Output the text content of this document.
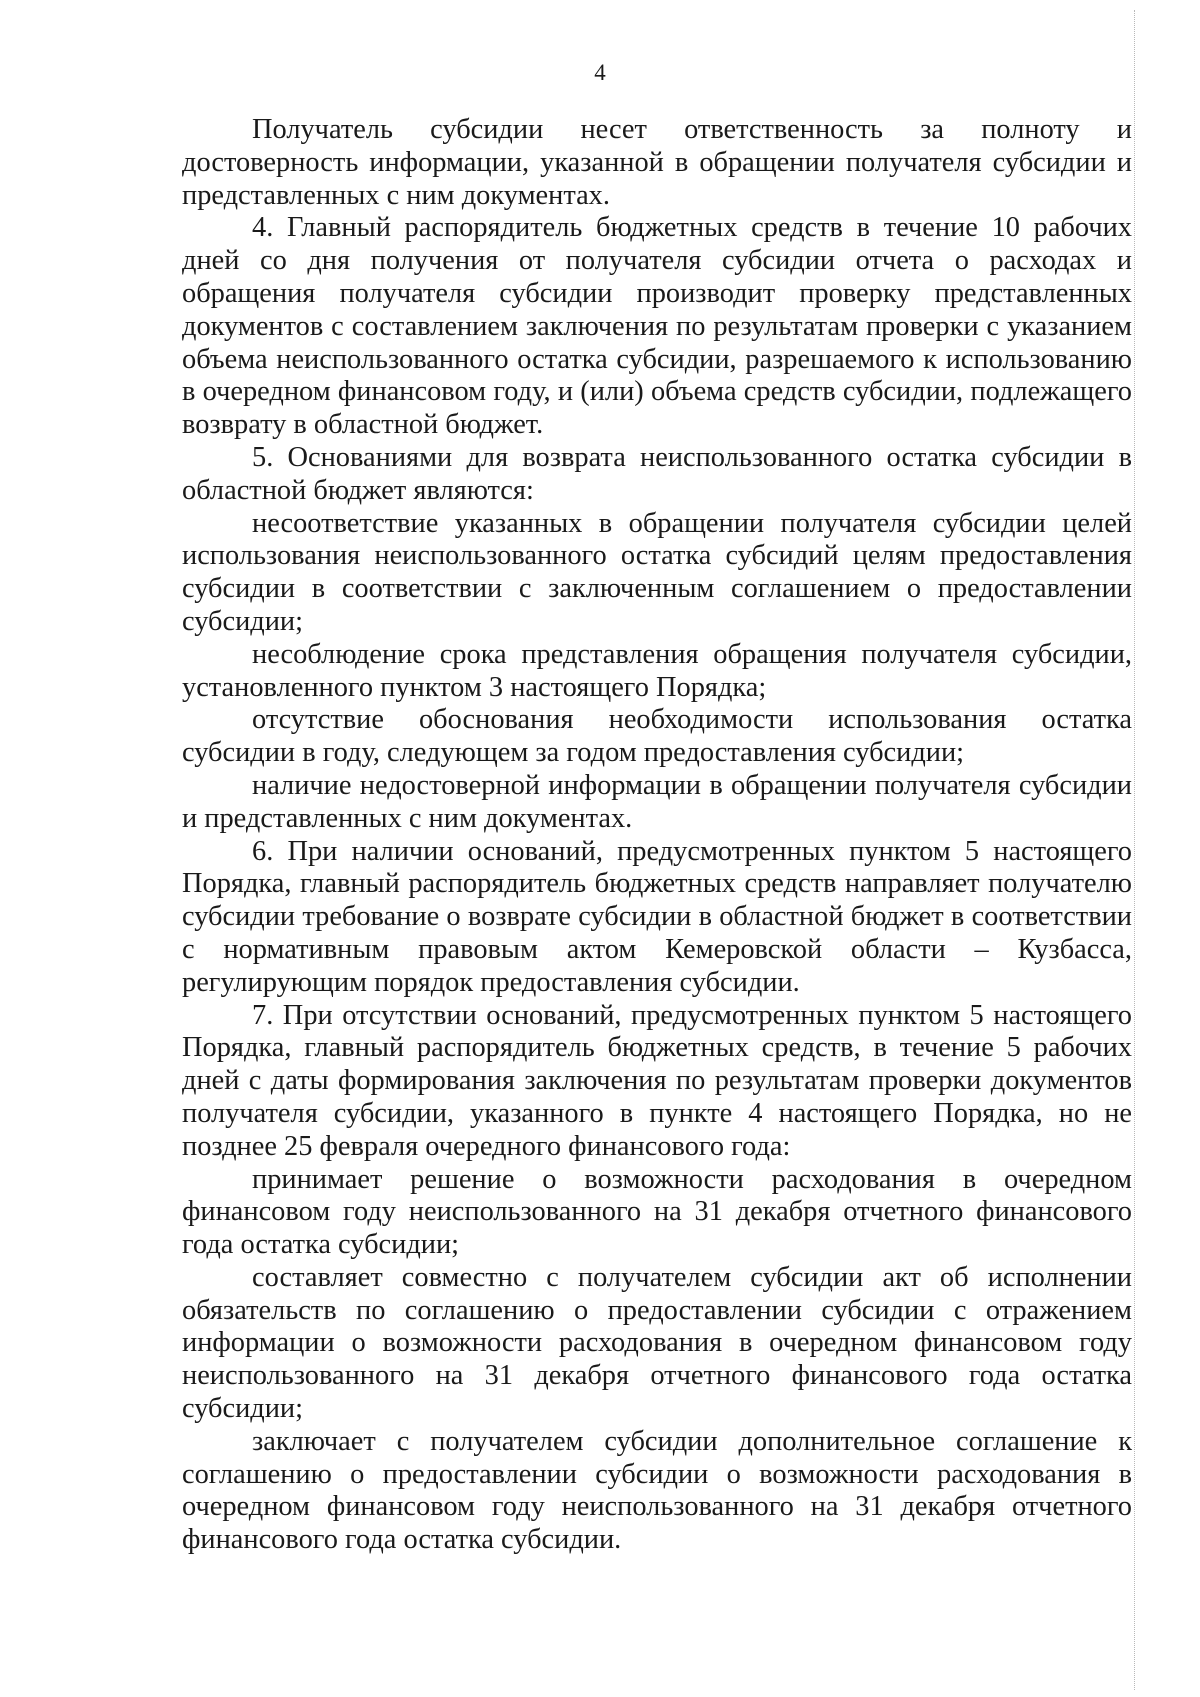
4

Получатель субсидии несет ответственность за полноту и достоверность информации, указанной в обращении получателя субсидии и представленных с ним документах.

4. Главный распорядитель бюджетных средств в течение 10 рабочих дней со дня получения от получателя субсидии отчета о расходах и обращения получателя субсидии производит проверку представленных документов с составлением заключения по результатам проверки с указанием объема неиспользованного остатка субсидии, разрешаемого к использованию в очередном финансовом году, и (или) объема средств субсидии, подлежащего возврату в областной бюджет.

5. Основаниями для возврата неиспользованного остатка субсидии в областной бюджет являются:

несоответствие указанных в обращении получателя субсидии целей использования неиспользованного остатка субсидий целям предоставления субсидии в соответствии с заключенным соглашением о предоставлении субсидии;

несоблюдение срока представления обращения получателя субсидии, установленного пунктом 3 настоящего Порядка;

отсутствие обоснования необходимости использования остатка субсидии в году, следующем за годом предоставления субсидии;

наличие недостоверной информации в обращении получателя субсидии и представленных с ним документах.

6. При наличии оснований, предусмотренных пунктом 5 настоящего Порядка, главный распорядитель бюджетных средств направляет получателю субсидии требование о возврате субсидии в областной бюджет в соответствии с нормативным правовым актом Кемеровской области – Кузбасса, регулирующим порядок предоставления субсидии.

7. При отсутствии оснований, предусмотренных пунктом 5 настоящего Порядка, главный распорядитель бюджетных средств, в течение 5 рабочих дней с даты формирования заключения по результатам проверки документов получателя субсидии, указанного в пункте 4 настоящего Порядка, но не позднее 25 февраля очередного финансового года:

принимает решение о возможности расходования в очередном финансовом году неиспользованного на 31 декабря отчетного финансового года остатка субсидии;

составляет совместно с получателем субсидии акт об исполнении обязательств по соглашению о предоставлении субсидии с отражением информации о возможности расходования в очередном финансовом году неиспользованного на 31 декабря отчетного финансового года остатка субсидии;

заключает с получателем субсидии дополнительное соглашение к соглашению о предоставлении субсидии о возможности расходования в очередном финансовом году неиспользованного на 31 декабря отчетного финансового года остатка субсидии.
